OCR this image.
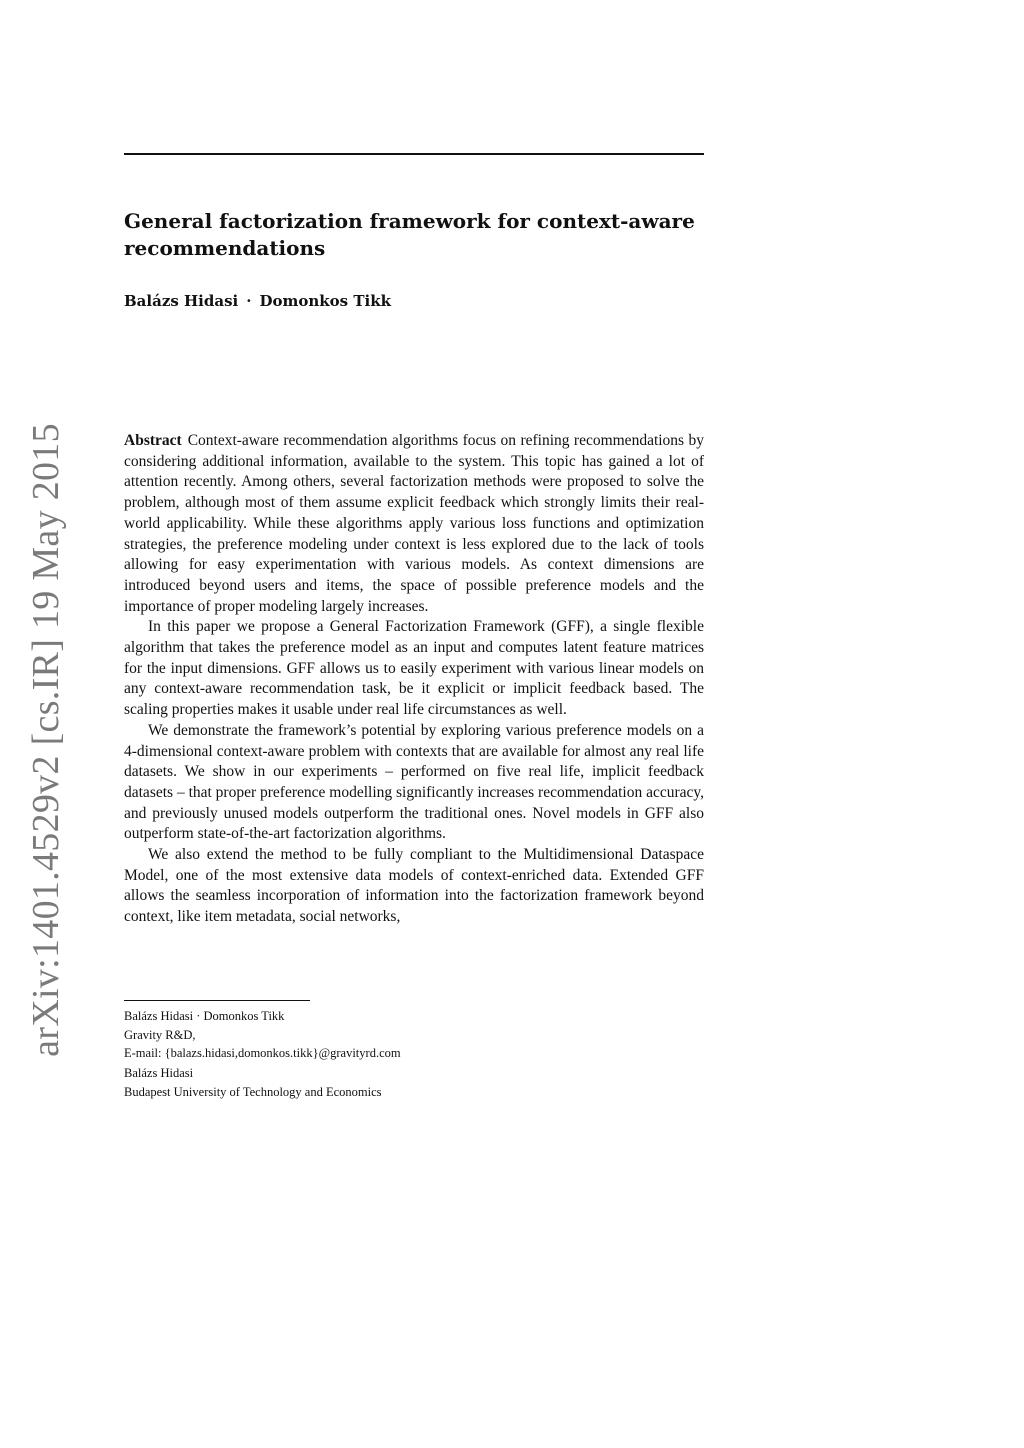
arXiv:1401.4529v2 [cs.IR] 19 May 2015
General factorization framework for context-aware recommendations
Balázs Hidasi · Domonkos Tikk

Abstract Context-aware recommendation algorithms focus on refining recommendations by considering additional information, available to the system. This topic has gained a lot of attention recently. Among others, several factorization methods were proposed to solve the problem, although most of them assume explicit feedback which strongly limits their real-world applicability. While these algorithms apply various loss functions and optimization strategies, the preference modeling under context is less explored due to the lack of tools allowing for easy experimentation with various models. As context dimensions are introduced beyond users and items, the space of possible preference models and the importance of proper modeling largely increases.

In this paper we propose a General Factorization Framework (GFF), a single flexible algorithm that takes the preference model as an input and computes latent feature matrices for the input dimensions. GFF allows us to easily experiment with various linear models on any context-aware recommendation task, be it explicit or implicit feedback based. The scaling properties makes it usable under real life circumstances as well.

We demonstrate the framework’s potential by exploring various preference models on a 4-dimensional context-aware problem with contexts that are available for almost any real life datasets. We show in our experiments – performed on five real life, implicit feedback datasets – that proper preference modelling significantly increases recommendation accuracy, and previously unused models outperform the traditional ones. Novel models in GFF also outperform state-of-the-art factorization algorithms.

We also extend the method to be fully compliant to the Multidimensional Dataspace Model, one of the most extensive data models of context-enriched data. Extended GFF allows the seamless incorporation of information into the factorization framework beyond context, like item metadata, social networks,

Balázs Hidasi · Domonkos Tikk
Gravity R&D,
E-mail: {balazs.hidasi,domonkos.tikk}@gravityrd.com
Balázs Hidasi
Budapest University of Technology and Economics
